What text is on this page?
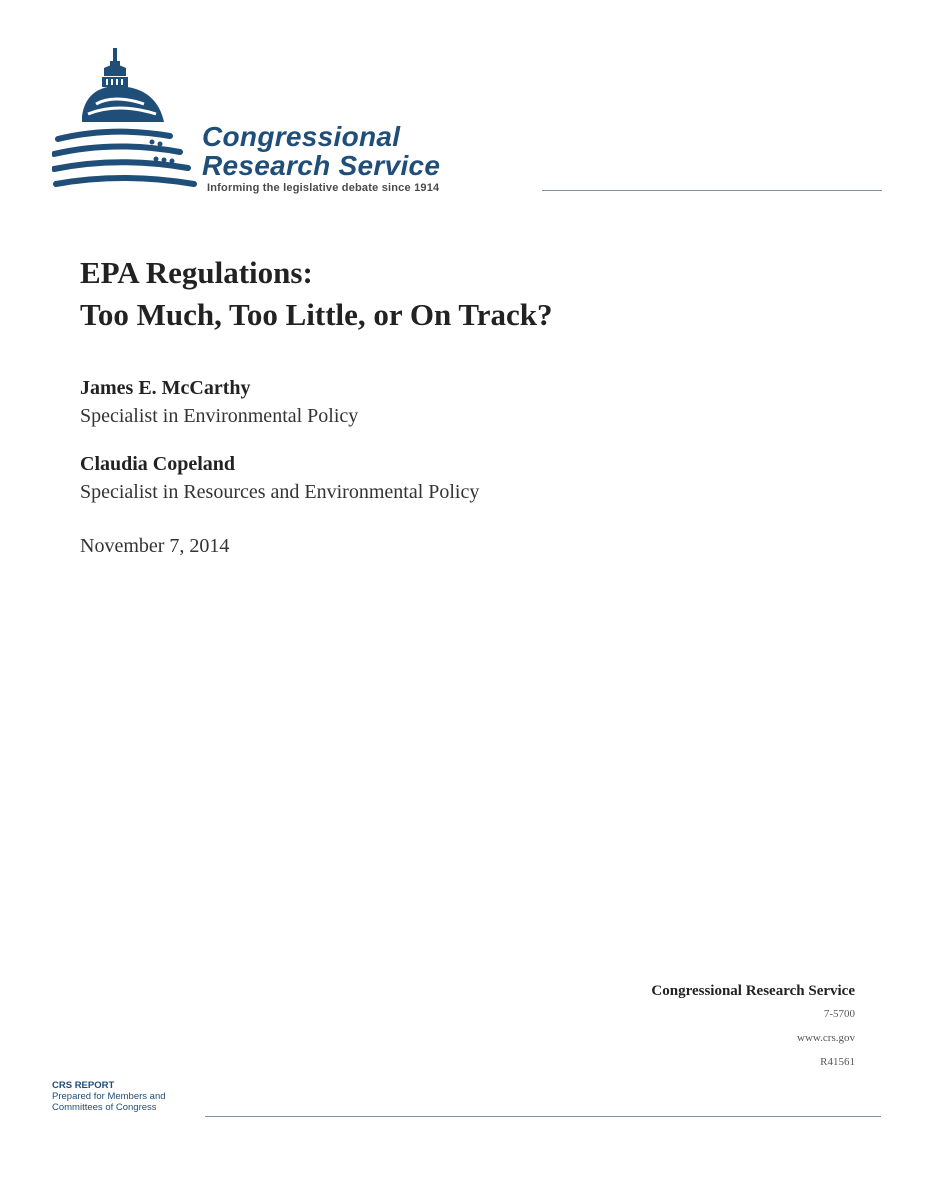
Congressional
Research Service
Informing the legislative debate since 1914
EPA Regulations:
Too Much, Too Little, or On Track?
James E. McCarthy
Specialist in Environmental Policy
Claudia Copeland
Specialist in Resources and Environmental Policy
November 7, 2014
Congressional Research Service
7-5700
www.crs.gov
R41561
CRS REPORT
Prepared for Members and
Committees of Congress
